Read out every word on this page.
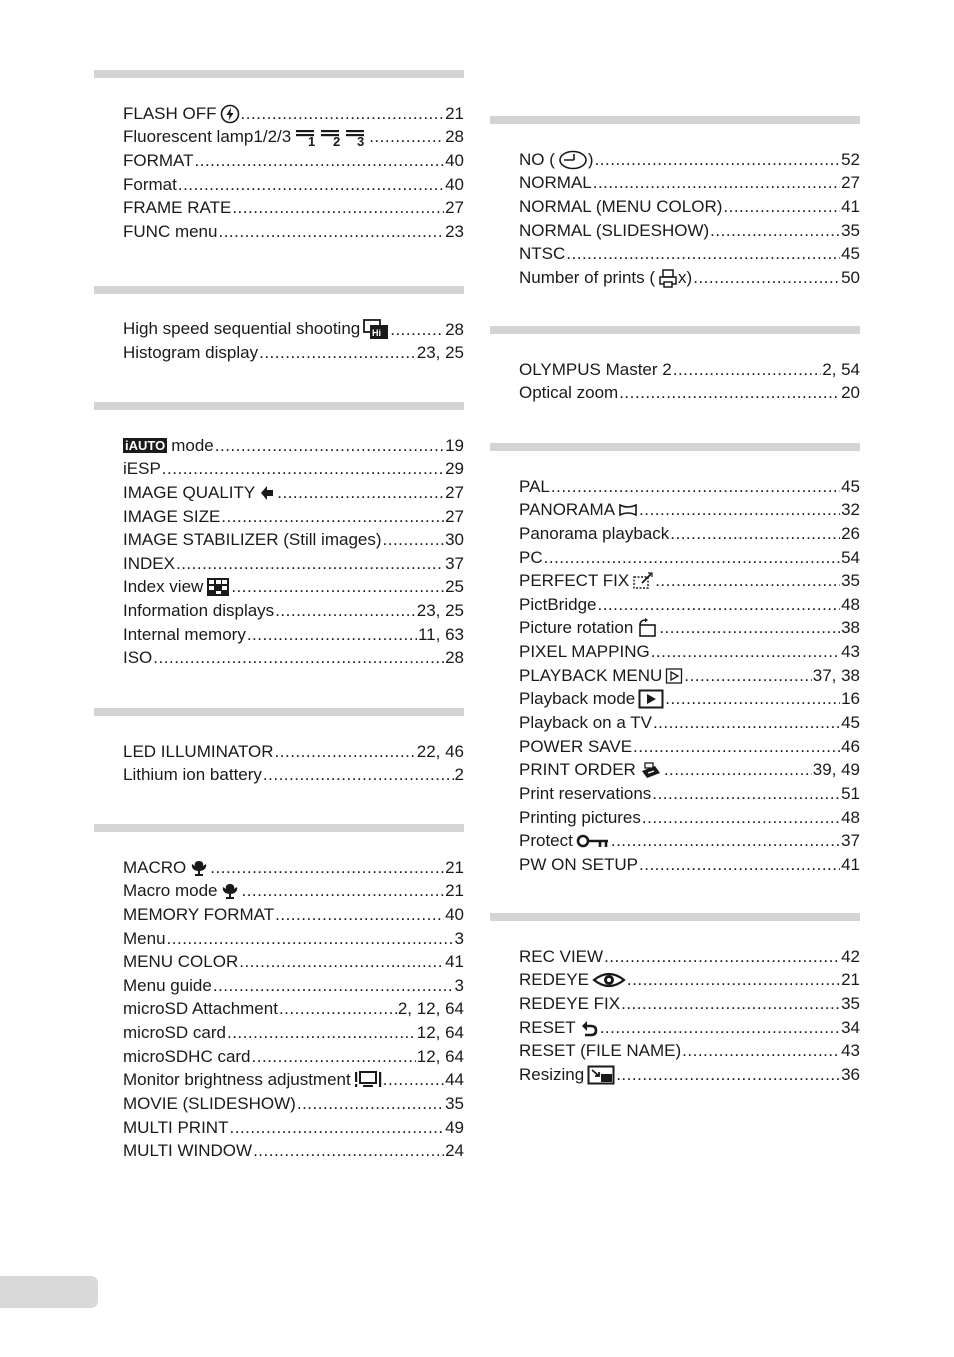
FLASH OFF .....	21
Fluorescent lamp1/2/3 1 2 3 .....	28
FORMAT .....	40
Format .....	40
FRAME RATE .....	27
FUNC menu .....	23
High speed sequential shooting Hi .....	28
Histogram display .....	23, 25
iAUTO mode .....	19
iESP .....	29
IMAGE QUALITY .....	27
IMAGE SIZE .....	27
IMAGE STABILIZER (Still images) .....	30
INDEX .....	37
Index view .....	25
Information displays .....	23, 25
Internal memory .....	11, 63
ISO .....	28
LED ILLUMINATOR .....	22, 46
Lithium ion battery .....	2
MACRO .....	21
Macro mode .....	21
MEMORY FORMAT .....	40
Menu .....	3
MENU COLOR .....	41
Menu guide .....	3
microSD Attachment .....	2, 12, 64
microSD card .....	12, 64
microSDHC card .....	12, 64
Monitor brightness adjustment .....	44
MOVIE (SLIDESHOW) .....	35
MULTI PRINT .....	49
MULTI WINDOW .....	24
NO ( ) .....	52
NORMAL .....	27
NORMAL (MENU COLOR) .....	41
NORMAL (SLIDESHOW) .....	35
NTSC .....	45
Number of prints ( x) .....	50
OLYMPUS Master 2 .....	2, 54
Optical zoom .....	20
PAL .....	45
PANORAMA .....	32
Panorama playback .....	26
PC .....	54
PERFECT FIX .....	35
PictBridge .....	48
Picture rotation .....	38
PIXEL MAPPING .....	43
PLAYBACK MENU .....	37, 38
Playback mode .....	16
Playback on a TV .....	45
POWER SAVE .....	46
PRINT ORDER .....	39, 49
Print reservations .....	51
Printing pictures .....	48
Protect .....	37
PW ON SETUP .....	41
REC VIEW .....	42
REDEYE .....	21
REDEYE FIX .....	35
RESET .....	34
RESET (FILE NAME) .....	43
Resizing .....	36
